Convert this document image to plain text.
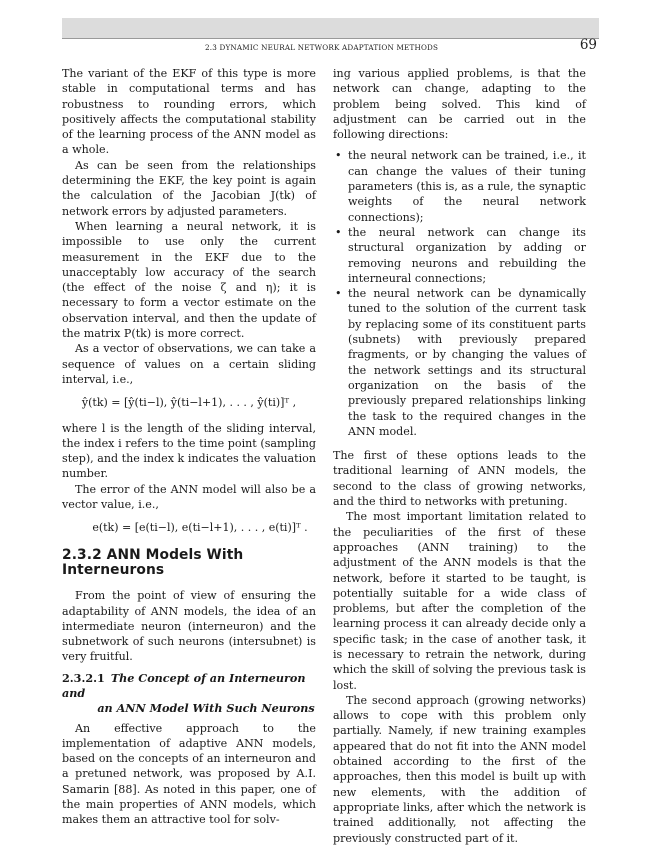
2.3 DYNAMIC NEURAL NETWORK ADAPTATION METHODS	69

The variant of the EKF of this type is more stable in computational terms and has robustness to rounding errors, which positively affects the computational stability of the learning process of the ANN model as a whole.

As can be seen from the relationships determining the EKF, the key point is again the calculation of the Jacobian J(tk) of network errors by adjusted parameters.

When learning a neural network, it is impossible to use only the current measurement in the EKF due to the unacceptably low accuracy of the search (the effect of the noise ζ and η); it is necessary to form a vector estimate on the observation interval, and then the update of the matrix P(tk) is more correct.

As a vector of observations, we can take a sequence of values on a certain sliding interval, i.e.,

ŷ(tk) = [ŷ(ti−l), ŷ(ti−l+1), . . . , ŷ(ti)]ᵀ ,

where l is the length of the sliding interval, the index i refers to the time point (sampling step), and the index k indicates the valuation number.

The error of the ANN model will also be a vector value, i.e.,

e(tk) = [e(ti−l), e(ti−l+1), . . . , e(ti)]ᵀ .
2.3.2 ANN Models With Interneurons

From the point of view of ensuring the adaptability of ANN models, the idea of an intermediate neuron (interneuron) and the subnetwork of such neurons (intersubnet) is very fruitful.

2.3.2.1 The Concept of an Interneuron and
an ANN Model With Such Neurons

An effective approach to the implementation of adaptive ANN models, based on the concepts of an interneuron and a pretuned network, was proposed by A.I. Samarin [88]. As noted in this paper, one of the main properties of ANN models, which makes them an attractive tool for solv-

ing various applied problems, is that the network can change, adapting to the problem being solved. This kind of adjustment can be carried out in the following directions:

• the neural network can be trained, i.e., it can change the values of their tuning parameters (this is, as a rule, the synaptic weights of the neural network connections);
• the neural network can change its structural organization by adding or removing neurons and rebuilding the interneural connections;
• the neural network can be dynamically tuned to the solution of the current task by replacing some of its constituent parts (subnets) with previously prepared fragments, or by changing the values of the network settings and its structural organization on the basis of the previously prepared relationships linking the task to the required changes in the ANN model.

The first of these options leads to the traditional learning of ANN models, the second to the class of growing networks, and the third to networks with pretuning.

The most important limitation related to the peculiarities of the first of these approaches (ANN training) to the adjustment of the ANN models is that the network, before it started to be taught, is potentially suitable for a wide class of problems, but after the completion of the learning process it can already decide only a specific task; in the case of another task, it is necessary to retrain the network, during which the skill of solving the previous task is lost.

The second approach (growing networks) allows to cope with this problem only partially. Namely, if new training examples appeared that do not fit into the ANN model obtained according to the first of the approaches, then this model is built up with new elements, with the addition of appropriate links, after which the network is trained additionally, not affecting the previously constructed part of it.
